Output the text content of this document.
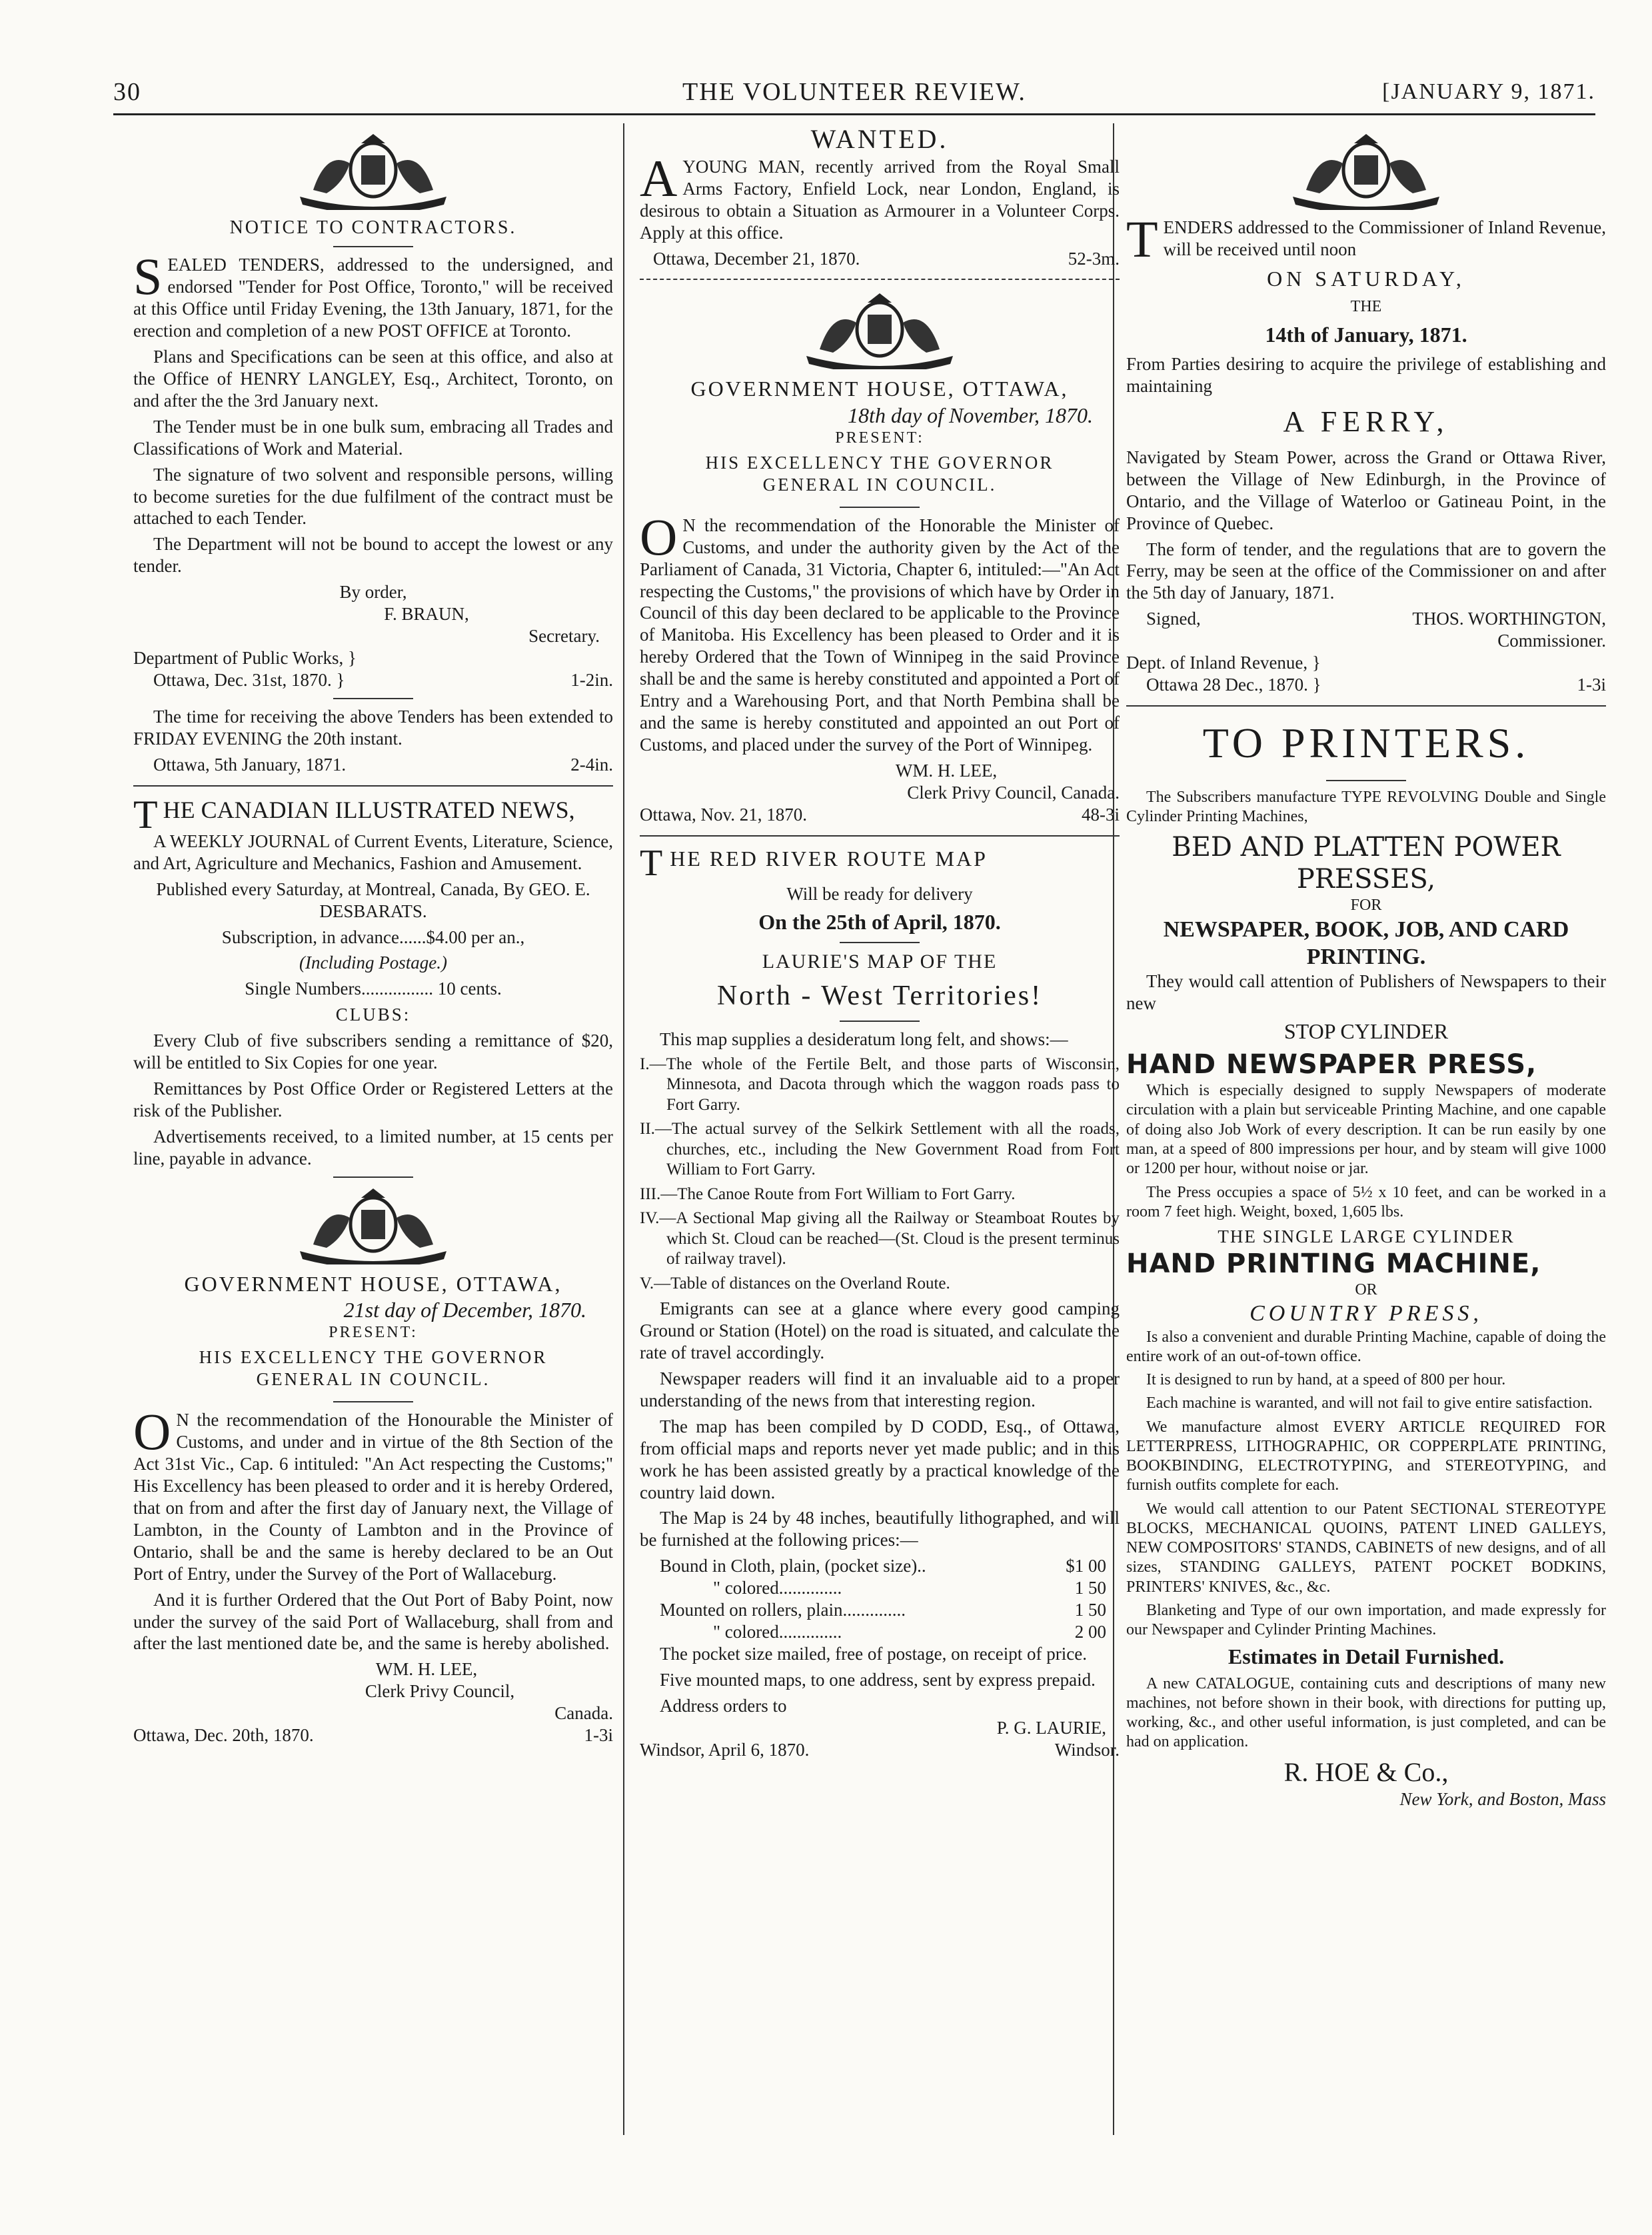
30	THE VOLUNTEER REVIEW.	[JANUARY 9, 1871.
NOTICE TO CONTRACTORS.
S EALED TENDERS, addressed to the undersigned, and endorsed "Tender for Post Office, Toronto," will be received at this Office until Friday Evening, the 13th January, 1871, for the erection and completion of a new POST OFFICE at Toronto.

Plans and Specifications can be seen at this office, and also at the Office of HENRY LANGLEY, Esq., Architect, Toronto, on and after the the 3rd January next.

The Tender must be in one bulk sum, embracing all Trades and Classifications of Work and Material.

The signature of two solvent and responsible persons, willing to become sureties for the due fulfilment of the contract must be attached to each Tender.

The Department will not be bound to accept the lowest or any tender.

By order,
F. BRAUN,
Secretary.
Department of Public Works, }
Ottawa, Dec. 31st, 1870. }	1-2in.

The time for receiving the above Tenders has been extended to FRIDAY EVENING the 20th instant.

Ottawa, 5th January, 1871.	2-4in.
T HE CANADIAN ILLUSTRATED NEWS,

A WEEKLY JOURNAL of Current Events, Literature, Science, and Art, Agriculture and Mechanics, Fashion and Amusement.

Published every Saturday, at Montreal, Canada, By GEO. E. DESBARATS.

Subscription, in advance......$4.00 per an.,

(Including Postage.)

Single Numbers................ 10 cents.

CLUBS:

Every Club of five subscribers sending a remittance of $20, will be entitled to Six Copies for one year.

Remittances by Post Office Order or Registered Letters at the risk of the Publisher.

Advertisements received, to a limited number, at 15 cents per line, payable in advance.

GOVERNMENT HOUSE, OTTAWA,
21st day of December, 1870.
PRESENT:
HIS EXCELLENCY THE GOVERNOR GENERAL IN COUNCIL.
O N the recommendation of the Honourable the Minister of Customs, and under and in virtue of the 8th Section of the Act 31st Vic., Cap. 6 intituled: "An Act respecting the Customs;" His Excellency has been pleased to order and it is hereby Ordered, that on from and after the first day of January next, the Village of Lambton, in the County of Lambton and in the Province of Ontario, shall be and the same is hereby declared to be an Out Port of Entry, under the Survey of the Port of Wallaceburg.

And it is further Ordered that the Out Port of Baby Point, now under the survey of the said Port of Wallaceburg, shall from and after the last mentioned date be, and the same is hereby abolished.

WM. H. LEE,
Clerk Privy Council,
Canada.
Ottawa, Dec. 20th, 1870.	1-3i
WANTED.
A YOUNG MAN, recently arrived from the Royal Small Arms Factory, Enfield Lock, near London, England, is desirous to obtain a Situation as Armourer in a Volunteer Corps. Apply at this office.
Ottawa, December 21, 1870.	52-3m.
GOVERNMENT HOUSE, OTTAWA,
18th day of November, 1870.
PRESENT:
HIS EXCELLENCY THE GOVERNOR GENERAL IN COUNCIL.
O N the recommendation of the Honorable the Minister of Customs, and under the authority given by the Act of the Parliament of Canada, 31 Victoria, Chapter 6, intituled:—"An Act respecting the Customs," the provisions of which have by Order in Council of this day been declared to be applicable to the Province of Manitoba. His Excellency has been pleased to Order and it is hereby Ordered that the Town of Winnipeg in the said Province shall be and the same is hereby constituted and appointed a Port of Entry and a Warehousing Port, and that North Pembina shall be and the same is hereby constituted and appointed an out Port of Customs, and placed under the survey of the Port of Winnipeg.
WM. H. LEE,
Clerk Privy Council, Canada.
Ottawa, Nov. 21, 1870.	48-3i
T HE RED RIVER ROUTE MAP
Will be ready for delivery
On the 25th of April, 1870.
LAURIE'S MAP OF THE
North - West Territories!

This map supplies a desideratum long felt, and shows:—

I.—The whole of the Fertile Belt, and those parts of Wisconsin, Minnesota, and Dacota through which the waggon roads pass to Fort Garry.

II.—The actual survey of the Selkirk Settlement with all the roads, churches, etc., including the New Government Road from Fort William to Fort Garry.

III.—The Canoe Route from Fort William to Fort Garry.

IV.—A Sectional Map giving all the Railway or Steamboat Routes by which St. Cloud can be reached—(St. Cloud is the present terminus of railway travel).

V.—Table of distances on the Overland Route.

Emigrants can see at a glance where every good camping Ground or Station (Hotel) on the road is situated, and calculate the rate of travel accordingly.

Newspaper readers will find it an invaluable aid to a proper understanding of the news from that interesting region.

The map has been compiled by D CODD, Esq., of Ottawa, from official maps and reports never yet made public; and in this work he has been assisted greatly by a practical knowledge of the country laid down.

The Map is 24 by 48 inches, beautifully lithographed, and will be furnished at the following prices:—

Bound in Cloth, plain, (pocket size)..	$1 00
" colored..............	1 50
Mounted on rollers, plain..............	1 50
" colored..............	2 00

The pocket size mailed, free of postage, on receipt of price.

Five mounted maps, to one address, sent by express prepaid.

Address orders to
P. G. LAURIE,
Windsor, April 6, 1870.	Windsor.
T ENDERS addressed to the Commissioner of Inland Revenue, will be received until noon
ON SATURDAY,
THE
14th of January, 1871.

From Parties desiring to acquire the privilege of establishing and maintaining

A FERRY,

Navigated by Steam Power, across the Grand or Ottawa River, between the Village of New Edinburgh, in the Province of Ontario, and the Village of Waterloo or Gatineau Point, in the Province of Quebec.

The form of tender, and the regulations that are to govern the Ferry, may be seen at the office of the Commissioner on and after the 5th day of January, 1871.

Signed,	THOS. WORTHINGTON,
Commissioner.
Dept. of Inland Revenue, }
Ottawa 28 Dec., 1870. }	1-3i
TO PRINTERS.

The Subscribers manufacture TYPE REVOLVING Double and Single Cylinder Printing Machines,

BED AND PLATTEN POWER PRESSES,
FOR
NEWSPAPER, BOOK, JOB, AND CARD PRINTING.

They would call attention of Publishers of Newspapers to their new

STOP CYLINDER
HAND NEWSPAPER PRESS,

Which is especially designed to supply Newspapers of moderate circulation with a plain but serviceable Printing Machine, and one capable of doing also Job Work of every description. It can be run easily by one man, at a speed of 800 impressions per hour, and by steam will give 1000 or 1200 per hour, without noise or jar.

The Press occupies a space of 5½ x 10 feet, and can be worked in a room 7 feet high. Weight, boxed, 1,605 lbs.

THE SINGLE LARGE CYLINDER
HAND PRINTING MACHINE,
OR
COUNTRY PRESS,

Is also a convenient and durable Printing Machine, capable of doing the entire work of an out-of-town office.

It is designed to run by hand, at a speed of 800 per hour.

Each machine is waranted, and will not fail to give entire satisfaction.

We manufacture almost EVERY ARTICLE REQUIRED FOR LETTERPRESS, LITHOGRAPHIC, OR COPPERPLATE PRINTING, BOOKBINDING, ELECTROTYPING, and STEREOTYPING, and furnish outfits complete for each.

We would call attention to our Patent SECTIONAL STEREOTYPE BLOCKS, MECHANICAL QUOINS, PATENT LINED GALLEYS, NEW COMPOSITORS' STANDS, CABINETS of new designs, and of all sizes, STANDING GALLEYS, PATENT POCKET BODKINS, PRINTERS' KNIVES, &c., &c.

Blanketing and Type of our own importation, and made expressly for our Newspaper and Cylinder Printing Machines.

Estimates in Detail Furnished.

A new CATALOGUE, containing cuts and descriptions of many new machines, not before shown in their book, with directions for putting up, working, &c., and other useful information, is just completed, and can be had on application.

R. HOE & Co.,
New York, and Boston, Mass
